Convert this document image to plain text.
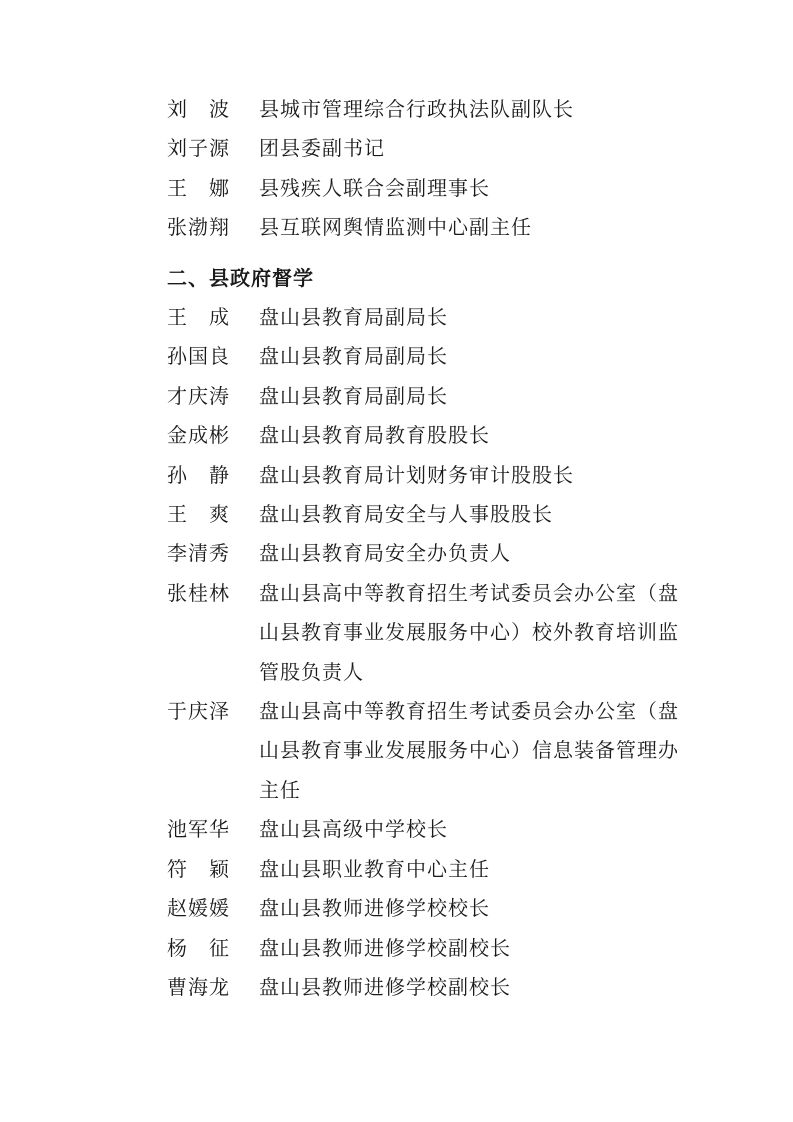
刘　波	县城市管理综合行政执法队副队长
刘子源	团县委副书记
王　娜	县残疾人联合会副理事长
张渤翔	县互联网舆情监测中心副主任
二、县政府督学
王　成	盘山县教育局副局长
孙国良	盘山县教育局副局长
才庆涛	盘山县教育局副局长
金成彬	盘山县教育局教育股股长
孙　静	盘山县教育局计划财务审计股股长
王　爽	盘山县教育局安全与人事股股长
李清秀	盘山县教育局安全办负责人
张桂林	盘山县高中等教育招生考试委员会办公室（盘山县教育事业发展服务中心）校外教育培训监管股负责人
于庆泽	盘山县高中等教育招生考试委员会办公室（盘山县教育事业发展服务中心）信息装备管理办主任
池军华	盘山县高级中学校长
符　颖	盘山县职业教育中心主任
赵媛媛	盘山县教师进修学校校长
杨　征	盘山县教师进修学校副校长
曹海龙	盘山县教师进修学校副校长
